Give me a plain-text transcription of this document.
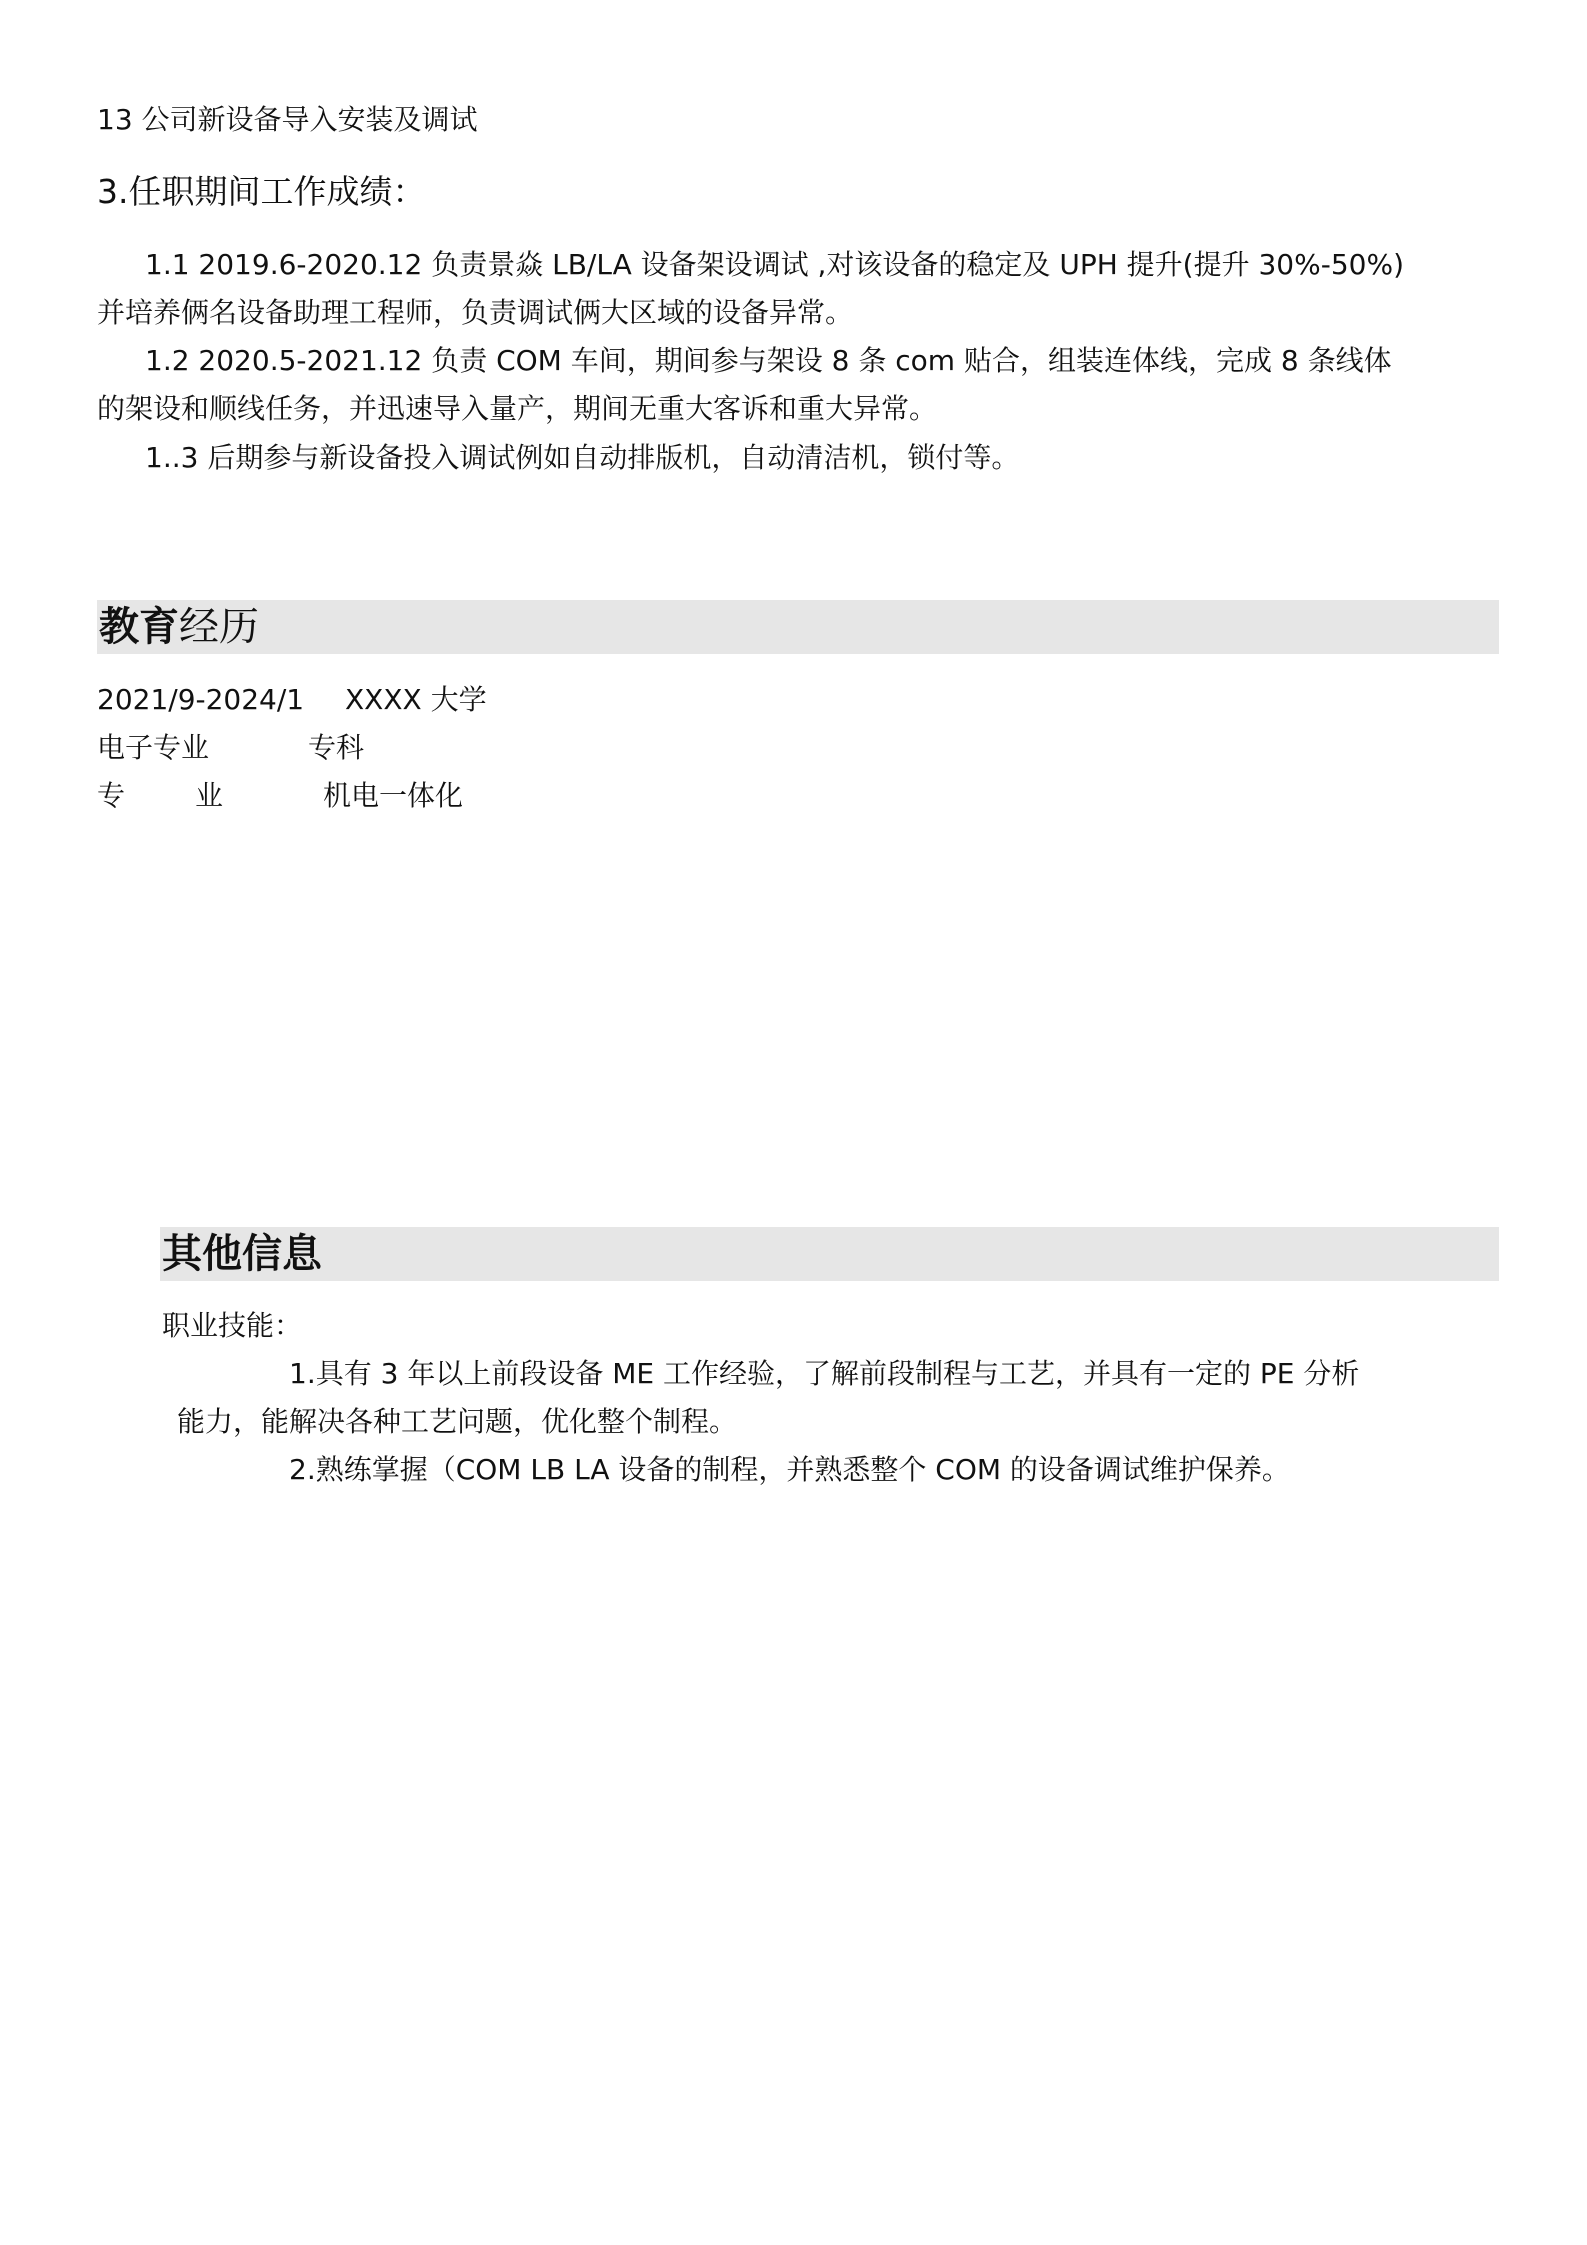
13 公司新设备导入安装及调试
3.任职期间工作成绩：
1.1 2019.6-2020.12 负责景焱 LB/LA 设备架设调试 ,对该设备的稳定及 UPH 提升(提升 30%-50%)
并培养俩名设备助理工程师，负责调试俩大区域的设备异常。
1.2 2020.5-2021.12 负责 COM 车间，期间参与架设 8 条 com 贴合，组装连体线，完成 8 条线体
的架设和顺线任务，并迅速导入量产，期间无重大客诉和重大异常。
1..3 后期参与新设备投入调试例如自动排版机，自动清洁机，锁付等。
教育经历
2021/9-2024/1 XXXX 大学
电子专业	专科
专 业	机电一体化
其他信息
职业技能：
1.具有 3 年以上前段设备 ME 工作经验，了解前段制程与工艺，并具有一定的 PE 分析
能力，能解决各种工艺问题，优化整个制程。
2.熟练掌握（COM LB LA 设备的制程，并熟悉整个 COM 的设备调试维护保养。
